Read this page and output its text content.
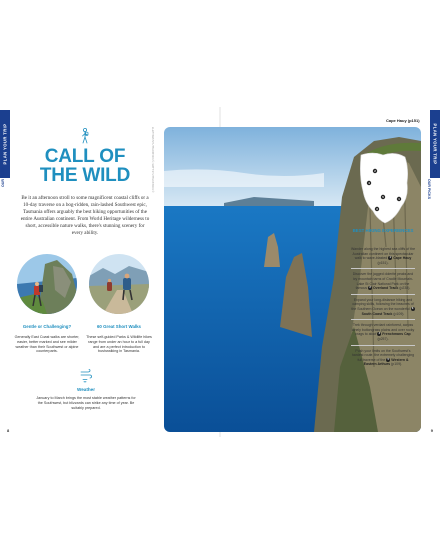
PLAN YOUR TRIP
OUR PICKS
CALL OF
THE WILD

Be it an afternoon stroll to some magnificent coastal cliffs or a 10-day traverse on a bog-ridden, rain-lashed Southwest epic, Tasmania offers arguably the best hiking opportunities of the entire Australian continent. From World Heritage wilderness to short, accessible nature walks, there's stunning scenery for every ability.

Gentle or Challenging?
Generally East Coast walks are shorter, easier, better marked and see milder weather than their Southwest or alpine counterparts.
60 Great Short Walks
These self-guided Parks & Wildlife hikes range from under an hour to a full day and are a perfect introduction to bushwalking in Tasmania.
Weather
January to March brings the most stable weather patterns for the Southwest, but blizzards can strike any time of year. Be suitably prepared.
ELEPHANT/SHUTTERSTOCK ©, MATT SHUTTERSTOCK ©
8
Cape Hauy (p151)
PLAN YOUR TRIP
OUR PICKS
1
2
3
4
5
BEST HIKING EXPERIENCES
Wander along the highest sea cliffs of the Australian continent on this spectacular walk to wave-blasted 1 Cape Hauy (p151).
Discover the jagged dolerite peaks and icy mountain tarns of Cradle Mountain-Lake St Clair National Park on the famous 2 Overland Track (p238).
Expand your long-distance hiking and camping skills, following the beaches of the Southern Ocean on the wonderful 3 South Coast Track (p109).
Trek through verdant rainforest, across lonely buttongrass plains and over rocky crags to aloof 4 Frenchmans Cap (p257).
Push your limits on the Southwest's hardest route, the extremely challenging full traverse of the 5 Western & Eastern Arthurs (p109).
9
